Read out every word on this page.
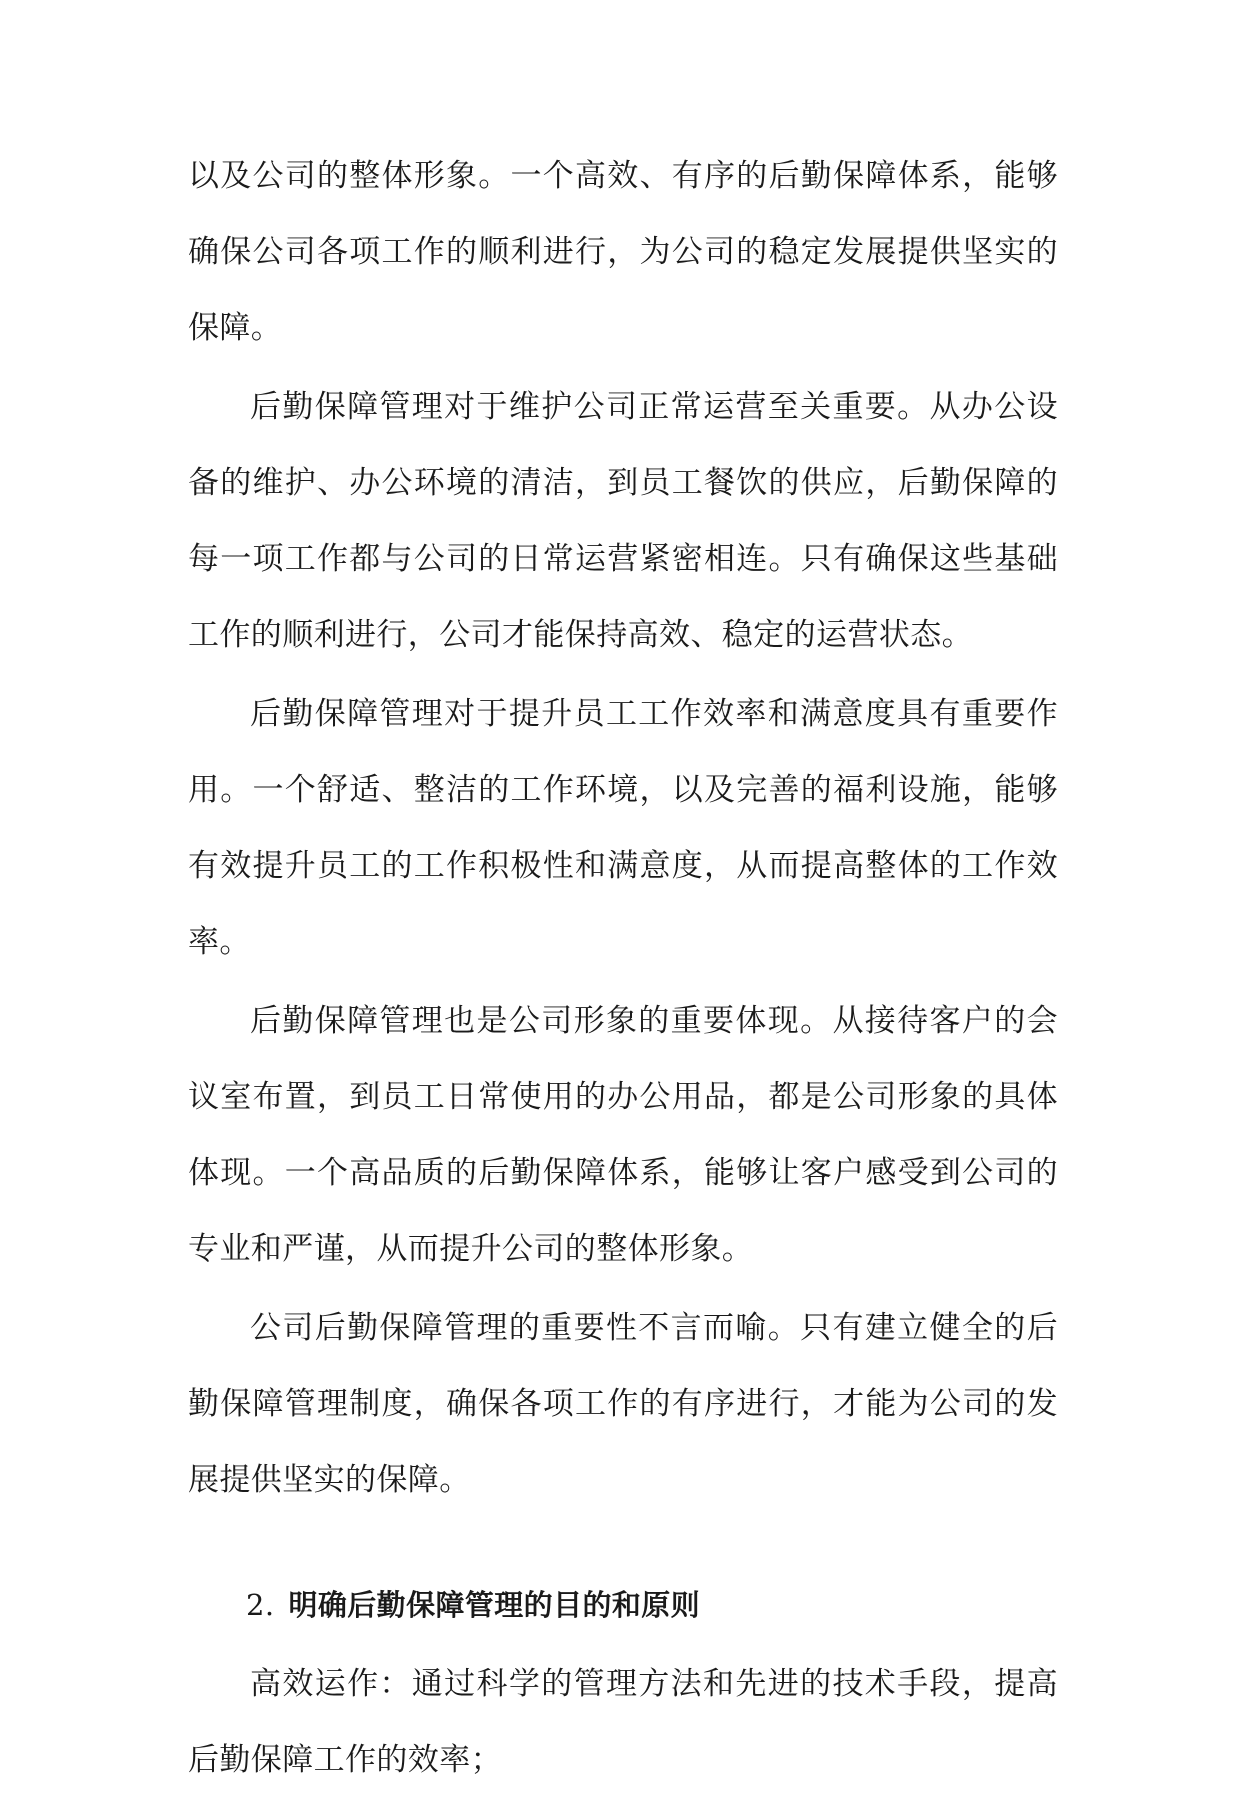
以及公司的整体形象。一个高效、有序的后勤保障体系，能够确保公司各项工作的顺利进行，为公司的稳定发展提供坚实的保障。

后勤保障管理对于维护公司正常运营至关重要。从办公设备的维护、办公环境的清洁，到员工餐饮的供应，后勤保障的每一项工作都与公司的日常运营紧密相连。只有确保这些基础工作的顺利进行，公司才能保持高效、稳定的运营状态。

后勤保障管理对于提升员工工作效率和满意度具有重要作用。一个舒适、整洁的工作环境，以及完善的福利设施，能够有效提升员工的工作积极性和满意度，从而提高整体的工作效率。

后勤保障管理也是公司形象的重要体现。从接待客户的会议室布置，到员工日常使用的办公用品，都是公司形象的具体体现。一个高品质的后勤保障体系，能够让客户感受到公司的专业和严谨，从而提升公司的整体形象。

公司后勤保障管理的重要性不言而喻。只有建立健全的后勤保障管理制度，确保各项工作的有序进行，才能为公司的发展提供坚实的保障。

2. 明确后勤保障管理的目的和原则

高效运作：通过科学的管理方法和先进的技术手段，提高后勤保障工作的效率；
